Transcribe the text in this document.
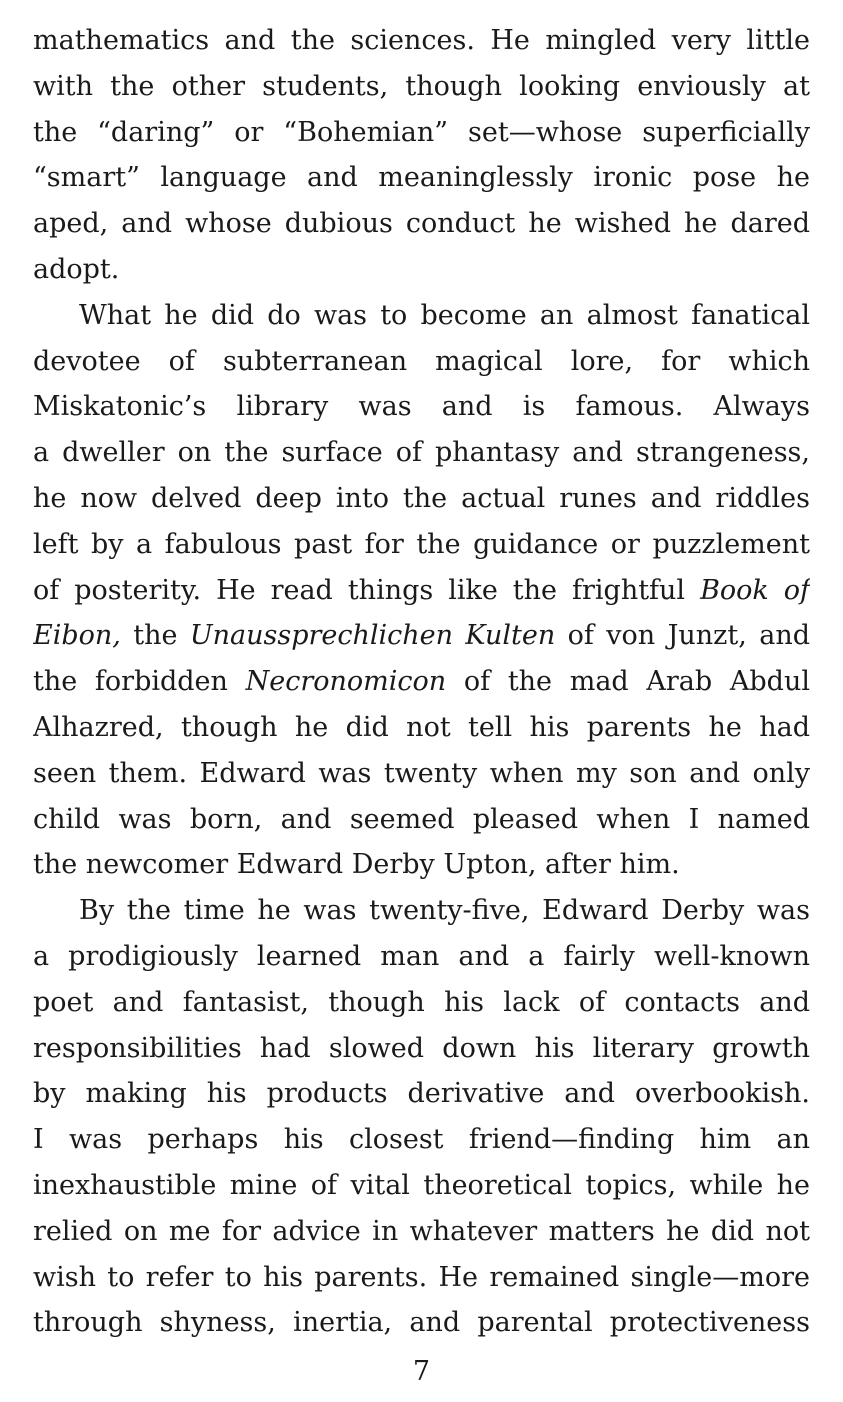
mathematics and the sciences. He mingled very little
with the other students, though looking enviously at
the “daring” or “Bohemian” set—whose superficially
“smart” language and meaninglessly ironic pose he
aped, and whose dubious conduct he wished he dared
adopt.
What he did do was to become an almost fanatical
devotee of subterranean magical lore, for which
Miskatonic’s library was and is famous. Always
a dweller on the surface of phantasy and strangeness,
he now delved deep into the actual runes and riddles
left by a fabulous past for the guidance or puzzlement
of posterity. He read things like the frightful Book of
Eibon, the Unaussprechlichen Kulten of von Junzt, and
the forbidden Necronomicon of the mad Arab Abdul
Alhazred, though he did not tell his parents he had
seen them. Edward was twenty when my son and only
child was born, and seemed pleased when I named
the newcomer Edward Derby Upton, after him.
By the time he was twenty-five, Edward Derby was
a prodigiously learned man and a fairly well-known
poet and fantasist, though his lack of contacts and
responsibilities had slowed down his literary growth
by making his products derivative and overbookish.
I was perhaps his closest friend—finding him an
inexhaustible mine of vital theoretical topics, while he
relied on me for advice in whatever matters he did not
wish to refer to his parents. He remained single—more
through shyness, inertia, and parental protectiveness
7
